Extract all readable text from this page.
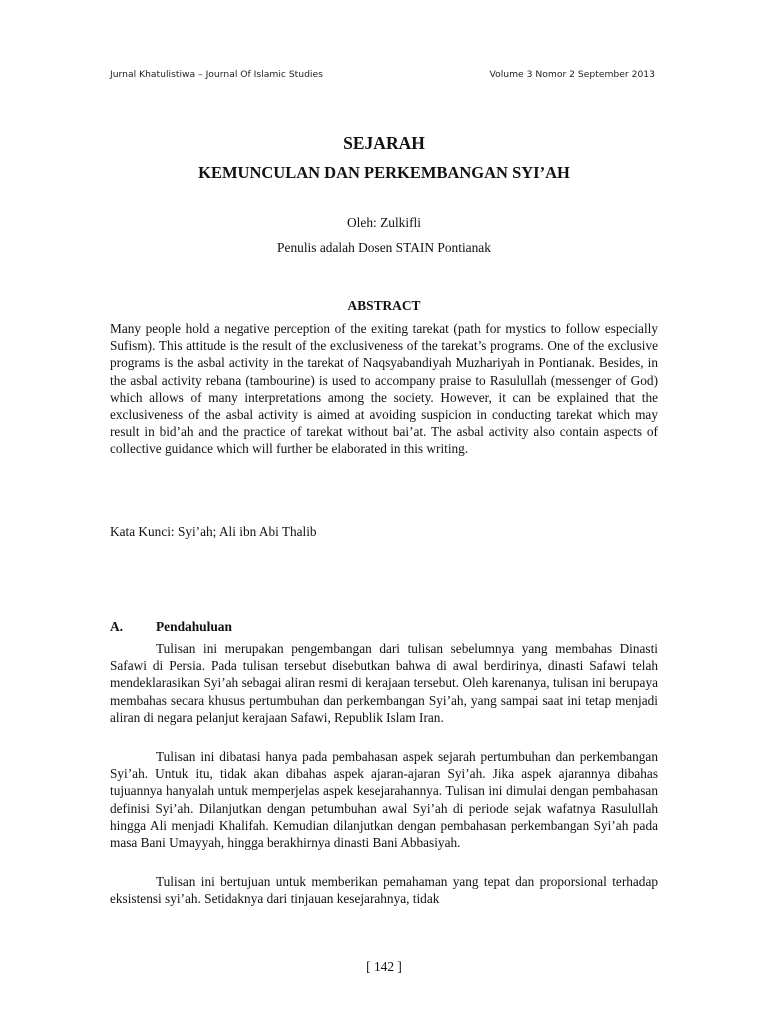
Jurnal Khatulistiwa – Journal Of Islamic Studies	Volume 3 Nomor 2 September 2013
SEJARAH
KEMUNCULAN DAN PERKEMBANGAN SYI’AH
Oleh: Zulkifli
Penulis adalah Dosen STAIN Pontianak
ABSTRACT
Many people hold a negative perception of the exiting tarekat (path for mystics to follow especially Sufism). This attitude is the result of the exclusiveness of the tarekat’s programs. One of the exclusive programs is the asbal activity in the tarekat of Naqsyabandiyah Muzhariyah in Pontianak. Besides, in the asbal activity rebana (tambourine) is used to accompany praise to Rasulullah (messenger of God) which allows of many interpretations among the society. However, it can be explained that the exclusiveness of the asbal activity is aimed at avoiding suspicion in conducting tarekat which may result in bid’ah and the practice of tarekat without bai’at. The asbal activity also contain aspects of collective guidance which will further be elaborated in this writing.
Kata Kunci: Syi’ah; Ali ibn Abi Thalib
A. Pendahuluan

Tulisan ini merupakan pengembangan dari tulisan sebelumnya yang membahas Dinasti Safawi di Persia. Pada tulisan tersebut disebutkan bahwa di awal berdirinya, dinasti Safawi telah mendeklarasikan Syi’ah sebagai aliran resmi di kerajaan tersebut. Oleh karenanya, tulisan ini berupaya membahas secara khusus pertumbuhan dan perkembangan Syi’ah, yang sampai saat ini tetap menjadi aliran di negara pelanjut kerajaan Safawi, Republik Islam Iran.

Tulisan ini dibatasi hanya pada pembahasan aspek sejarah pertumbuhan dan perkembangan Syi’ah. Untuk itu, tidak akan dibahas aspek ajaran-ajaran Syi’ah. Jika aspek ajarannya dibahas tujuannya hanyalah untuk memperjelas aspek kesejarahannya. Tulisan ini dimulai dengan pembahasan definisi Syi’ah. Dilanjutkan dengan petumbuhan awal Syi’ah di periode sejak wafatnya Rasulullah hingga Ali menjadi Khalifah. Kemudian dilanjutkan dengan pembahasan perkembangan Syi’ah pada masa Bani Umayyah, hingga berakhirnya dinasti Bani Abbasiyah.

Tulisan ini bertujuan untuk memberikan pemahaman yang tepat dan proporsional terhadap eksistensi syi’ah. Setidaknya dari tinjauan kesejarahnya, tidak

[ 142 ]
